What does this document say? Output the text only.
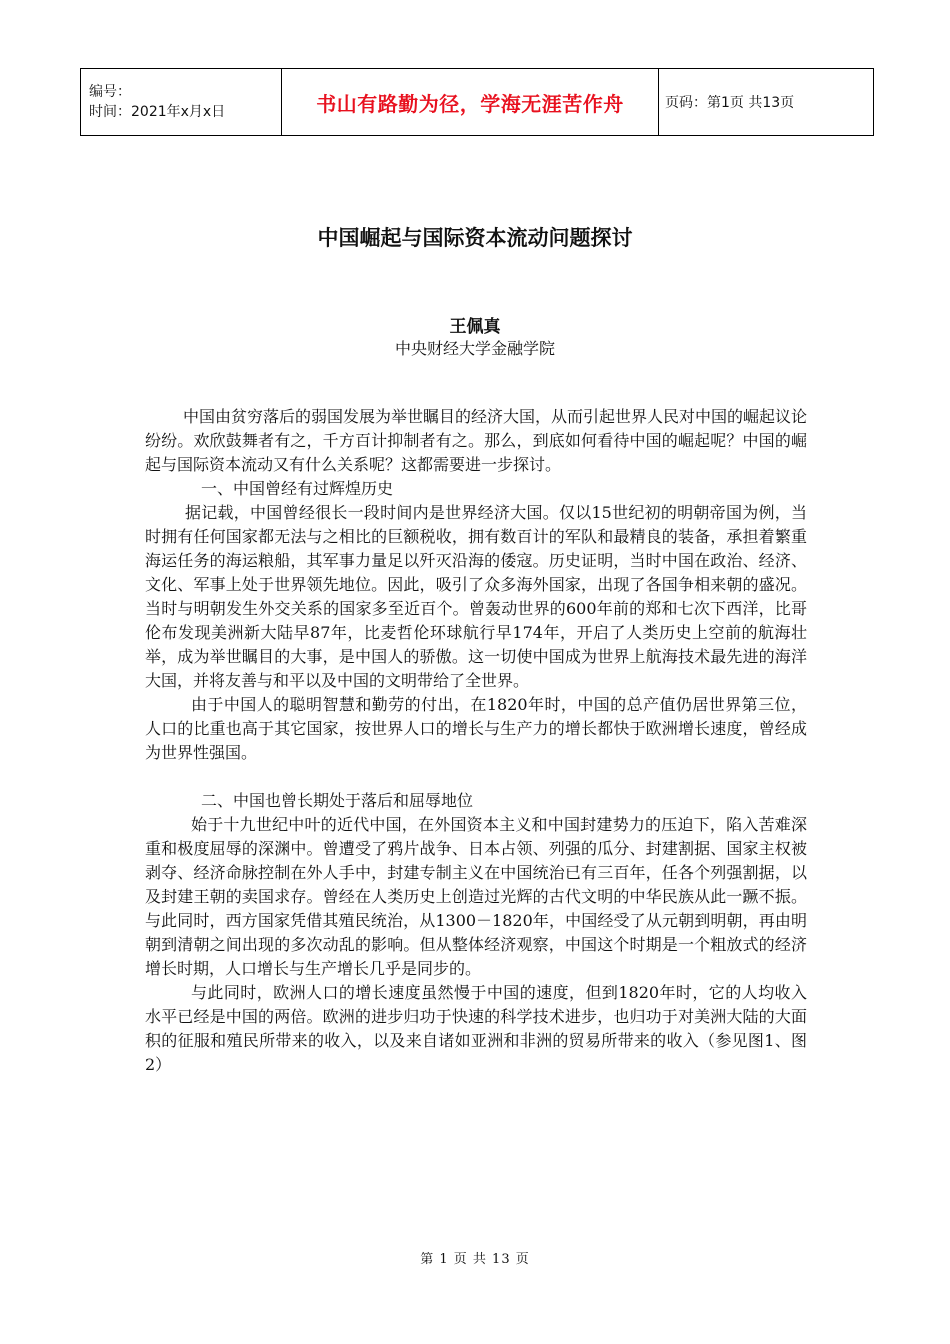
编号：
时间：2021年x月x日	书山有路勤为径，学海无涯苦作舟	页码：第1页 共13页
中国崛起与国际资本流动问题探讨
王佩真
中央财经大学金融学院

中国由贫穷落后的弱国发展为举世瞩目的经济大国，从而引起世界人民对中国的崛起议论纷纷。欢欣鼓舞者有之，千方百计抑制者有之。那么，到底如何看待中国的崛起呢？中国的崛起与国际资本流动又有什么关系呢？这都需要进一步探讨。

一、中国曾经有过辉煌历史

据记载，中国曾经很长一段时间内是世界经济大国。仅以15世纪初的明朝帝国为例，当时拥有任何国家都无法与之相比的巨额税收，拥有数百计的军队和最精良的装备，承担着繁重海运任务的海运粮船，其军事力量足以歼灭沿海的倭寇。历史证明，当时中国在政治、经济、文化、军事上处于世界领先地位。因此，吸引了众多海外国家，出现了各国争相来朝的盛况。当时与明朝发生外交关系的国家多至近百个。曾轰动世界的600年前的郑和七次下西洋，比哥伦布发现美洲新大陆早87年，比麦哲伦环球航行早174年，开启了人类历史上空前的航海壮举，成为举世瞩目的大事，是中国人的骄傲。这一切使中国成为世界上航海技术最先进的海洋大国，并将友善与和平以及中国的文明带给了全世界。

由于中国人的聪明智慧和勤劳的付出，在1820年时，中国的总产值仍居世界第三位，人口的比重也高于其它国家，按世界人口的增长与生产力的增长都快于欧洲增长速度，曾经成为世界性强国。

二、中国也曾长期处于落后和屈辱地位

始于十九世纪中叶的近代中国，在外国资本主义和中国封建势力的压迫下，陷入苦难深重和极度屈辱的深渊中。曾遭受了鸦片战争、日本占领、列强的瓜分、封建割据、国家主权被剥夺、经济命脉控制在外人手中，封建专制主义在中国统治已有三百年，任各个列强割据，以及封建王朝的卖国求存。曾经在人类历史上创造过光辉的古代文明的中华民族从此一蹶不振。与此同时，西方国家凭借其殖民统治，从1300－1820年，中国经受了从元朝到明朝，再由明朝到清朝之间出现的多次动乱的影响。但从整体经济观察，中国这个时期是一个粗放式的经济增长时期，人口增长与生产增长几乎是同步的。

与此同时，欧洲人口的增长速度虽然慢于中国的速度，但到1820年时，它的人均收入水平已经是中国的两倍。欧洲的进步归功于快速的科学技术进步，也归功于对美洲大陆的大面积的征服和殖民所带来的收入，以及来自诸如亚洲和非洲的贸易所带来的收入（参见图1、图2）

第 1 页 共 13 页
